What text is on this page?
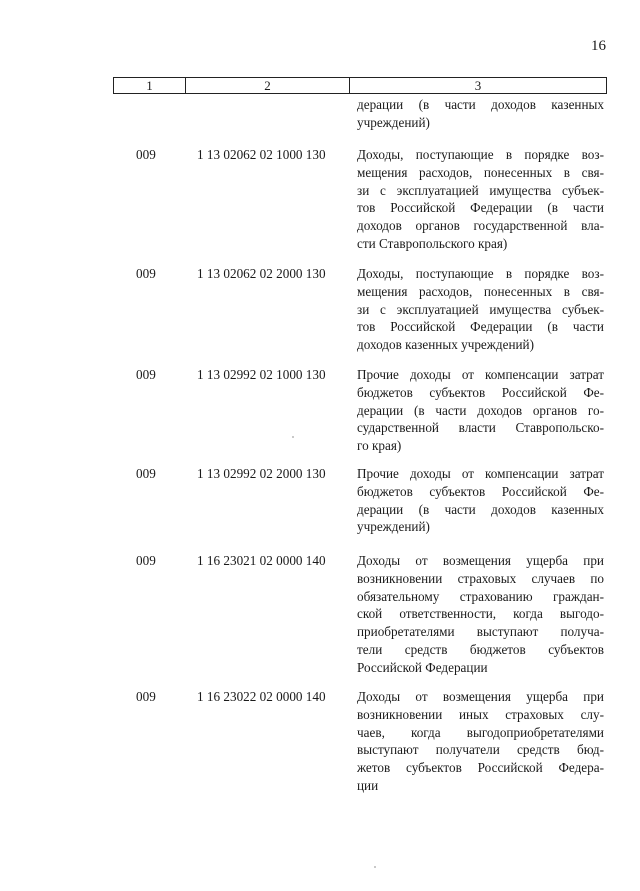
16
1	2	3
дерации (в части доходов казенных
учреждений)
009	1 13 02062 02 1000 130	Доходы, поступающие в порядке воз-
мещения расходов, понесенных в свя-
зи с эксплуатацией имущества субъек-
тов Российской Федерации (в части
доходов органов государственной вла-
сти Ставропольского края)
009	1 13 02062 02 2000 130	Доходы, поступающие в порядке воз-
мещения расходов, понесенных в свя-
зи с эксплуатацией имущества субъек-
тов Российской Федерации (в части
доходов казенных учреждений)
009	1 13 02992 02 1000 130	Прочие доходы от компенсации затрат
бюджетов субъектов Российской Фе-
дерации (в части доходов органов го-
сударственной власти Ставропольско-
го края)
009	1 13 02992 02 2000 130	Прочие доходы от компенсации затрат
бюджетов субъектов Российской Фе-
дерации (в части доходов казенных
учреждений)
009	1 16 23021 02 0000 140	Доходы от возмещения ущерба при
возникновении страховых случаев по
обязательному страхованию граждан-
ской ответственности, когда выгодо-
приобретателями выступают получа-
тели средств бюджетов субъектов
Российской Федерации
009	1 16 23022 02 0000 140	Доходы от возмещения ущерба при
возникновении иных страховых слу-
чаев, когда выгодоприобретателями
выступают получатели средств бюд-
жетов субъектов Российской Федера-
ции
